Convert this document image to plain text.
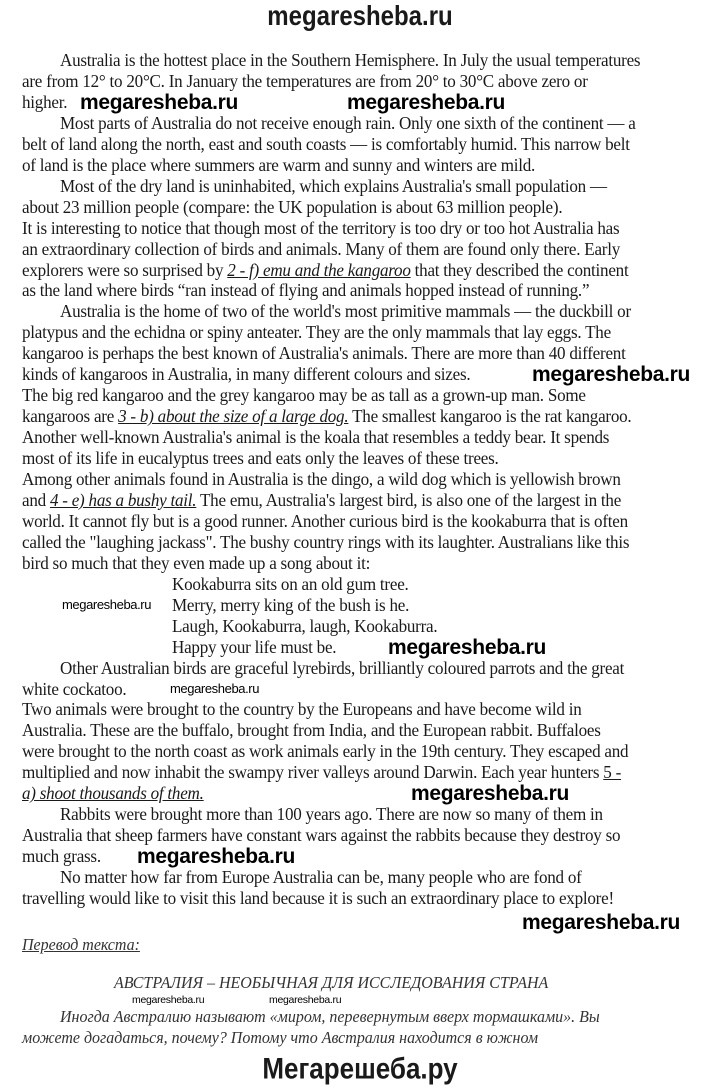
megaresheba.ru
Australia is the hottest place in the Southern Hemisphere. In July the usual temperatures
are from 12° to 20°C. In January the temperatures are from 20° to 30°C above zero or
higher.
Most parts of Australia do not receive enough rain. Only one sixth of the continent — a
belt of land along the north, east and south coasts — is comfortably humid. This narrow belt
of land is the place where summers are warm and sunny and winters are mild.
Most of the dry land is uninhabited, which explains Australia's small population —
about 23 million people (compare: the UK population is about 63 million people).
It is interesting to notice that though most of the territory is too dry or too hot Australia has
an extraordinary collection of birds and animals. Many of them are found only there. Early
explorers were so surprised by 2 - f) emu and the kangaroo that they described the continent
as the land where birds “ran instead of flying and animals hopped instead of running.”
Australia is the home of two of the world's most primitive mammals — the duckbill or
platypus and the echidna or spiny anteater. They are the only mammals that lay eggs. The
kangaroo is perhaps the best known of Australia's animals. There are more than 40 different
kinds of kangaroos in Australia, in many different colours and sizes.
The big red kangaroo and the grey kangaroo may be as tall as a grown-up man. Some
kangaroos are 3 - b) about the size of a large dog. The smallest kangaroo is the rat kangaroo.
Another well-known Australia's animal is the koala that resembles a teddy bear. It spends
most of its life in eucalyptus trees and eats only the leaves of these trees.
Among other animals found in Australia is the dingo, a wild dog which is yellowish brown
and 4 - e) has a bushy tail. The emu, Australia's largest bird, is also one of the largest in the
world. It cannot fly but is a good runner. Another curious bird is the kookaburra that is often
called the "laughing jackass". The bushy country rings with its laughter. Australians like this
bird so much that they even made up a song about it:
Kookaburra sits on an old gum tree.
Merry, merry king of the bush is he.
Laugh, Kookaburra, laugh, Kookaburra.
Happy your life must be.
Other Australian birds are graceful lyrebirds, brilliantly coloured parrots and the great
white cockatoo.
Two animals were brought to the country by the Europeans and have become wild in
Australia. These are the buffalo, brought from India, and the European rabbit. Buffaloes
were brought to the north coast as work animals early in the 19th century. They escaped and
multiplied and now inhabit the swampy river valleys around Darwin. Each year hunters 5 -
a) shoot thousands of them.
Rabbits were brought more than 100 years ago. There are now so many of them in
Australia that sheep farmers have constant wars against the rabbits because they destroy so
much grass.
No matter how far from Europe Australia can be, many people who are fond of
travelling would like to visit this land because it is such an extraordinary place to explore!
megaresheba.ru	megaresheba.ru
megaresheba.ru
megaresheba.ru
megaresheba.ru
megaresheba.ru
megaresheba.ru
megaresheba.ru
megaresheba.ru
megaresheba.ru	megaresheba.ru
Перевод текста:
АВСТРАЛИЯ – НЕОБЫЧНАЯ ДЛЯ ИССЛЕДОВАНИЯ СТРАНА
Иногда Австралию называют «миром, перевернутым вверх тормашками». Вы
можете догадаться, почему? Потому что Австралия находится в южном
Мегарешеба.ру
